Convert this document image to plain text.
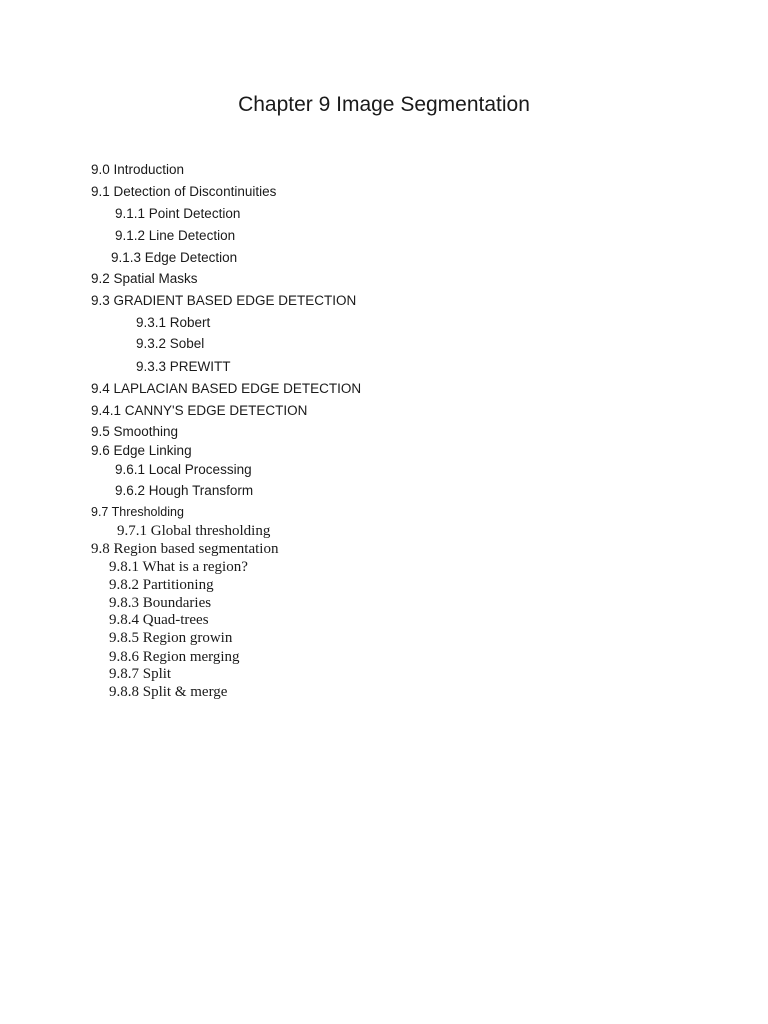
Chapter 9 Image Segmentation
9.0 Introduction
9.1 Detection of Discontinuities
9.1.1 Point Detection
9.1.2 Line Detection
9.1.3 Edge Detection
9.2 Spatial Masks
9.3 GRADIENT BASED EDGE DETECTION
9.3.1 Robert
9.3.2 Sobel
9.3.3 PREWITT
9.4 LAPLACIAN BASED EDGE DETECTION
9.4.1 CANNY'S EDGE DETECTION
9.5 Smoothing
9.6 Edge Linking
9.6.1 Local Processing
9.6.2 Hough Transform
9.7 Thresholding
9.7.1 Global thresholding
9.8 Region based segmentation
9.8.1 What is a region?
9.8.2 Partitioning
9.8.3 Boundaries
9.8.4 Quad-trees
9.8.5 Region growin
9.8.6 Region merging
9.8.7 Split
9.8.8 Split & merge
